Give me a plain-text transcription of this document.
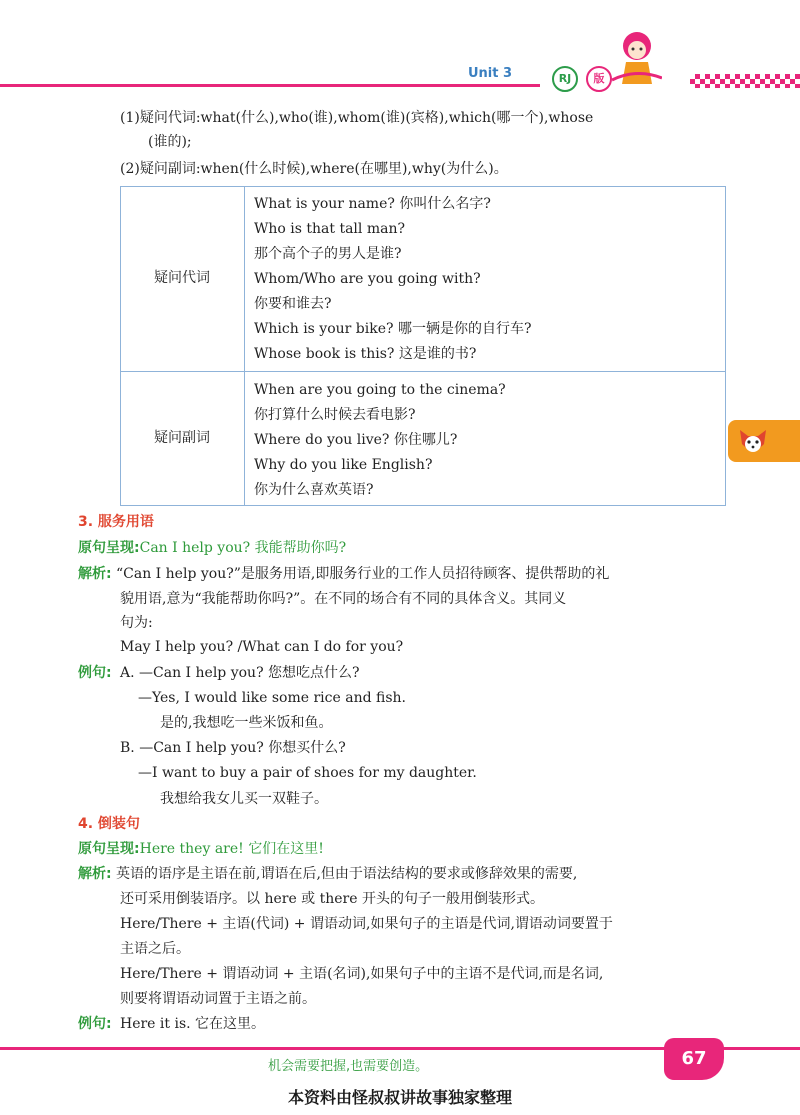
Unit 3	RJ	版
(1)疑问代词:what(什么),who(谁),whom(谁)(宾格),which(哪一个),whose
(谁的);
(2)疑问副词:when(什么时候),where(在哪里),why(为什么)。
疑问代词
What is your name? 你叫什么名字?
Who is that tall man?
那个高个子的男人是谁?
Whom/Who are you going with?
你要和谁去?
Which is your bike? 哪一辆是你的自行车?
Whose book is this? 这是谁的书?
疑问副词
When are you going to the cinema?
你打算什么时候去看电影?
Where do you live? 你住哪儿?
Why do you like English?
你为什么喜欢英语?
3. 服务用语
原句呈现:Can I help you? 我能帮助你吗?
解析: “Can I help you?”是服务用语,即服务行业的工作人员招待顾客、提供帮助的礼
貌用语,意为“我能帮助你吗?”。在不同的场合有不同的具体含义。其同义
句为:
May I help you? /What can I do for you?
例句: A. —Can I help you? 您想吃点什么?
—Yes, I would like some rice and fish.
是的,我想吃一些米饭和鱼。
B. —Can I help you? 你想买什么?
—I want to buy a pair of shoes for my daughter.
我想给我女儿买一双鞋子。
4. 倒装句
原句呈现:Here they are! 它们在这里!
解析: 英语的语序是主语在前,谓语在后,但由于语法结构的要求或修辞效果的需要,
还可采用倒装语序。以 here 或 there 开头的句子一般用倒装形式。
Here/There + 主语(代词) + 谓语动词,如果句子的主语是代词,谓语动词要置于
主语之后。
Here/There + 谓语动词 + 主语(名词),如果句子中的主语不是代词,而是名词,
则要将谓语动词置于主语之前。
例句: Here it is. 它在这里。
机会需要把握,也需要创造。	67
本资料由怪叔叔讲故事独家整理
